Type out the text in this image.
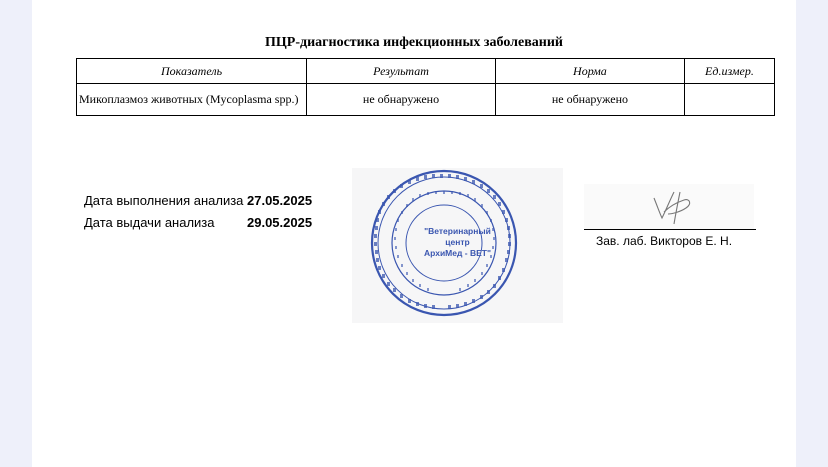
ПЦР-диагностика инфекционных заболеваний
Показатель	Результат	Норма	Ед.измер.
Микоплазмоз животных (Mycoplasma spp.)	не обнаружено	не обнаружено	
Дата выполнения анализа 27.05.2025
Дата выдачи анализа	29.05.2025
"Ветеринарный
центр
АрхиМед - ВЕТ"
Зав. лаб. Викторов Е. Н.
